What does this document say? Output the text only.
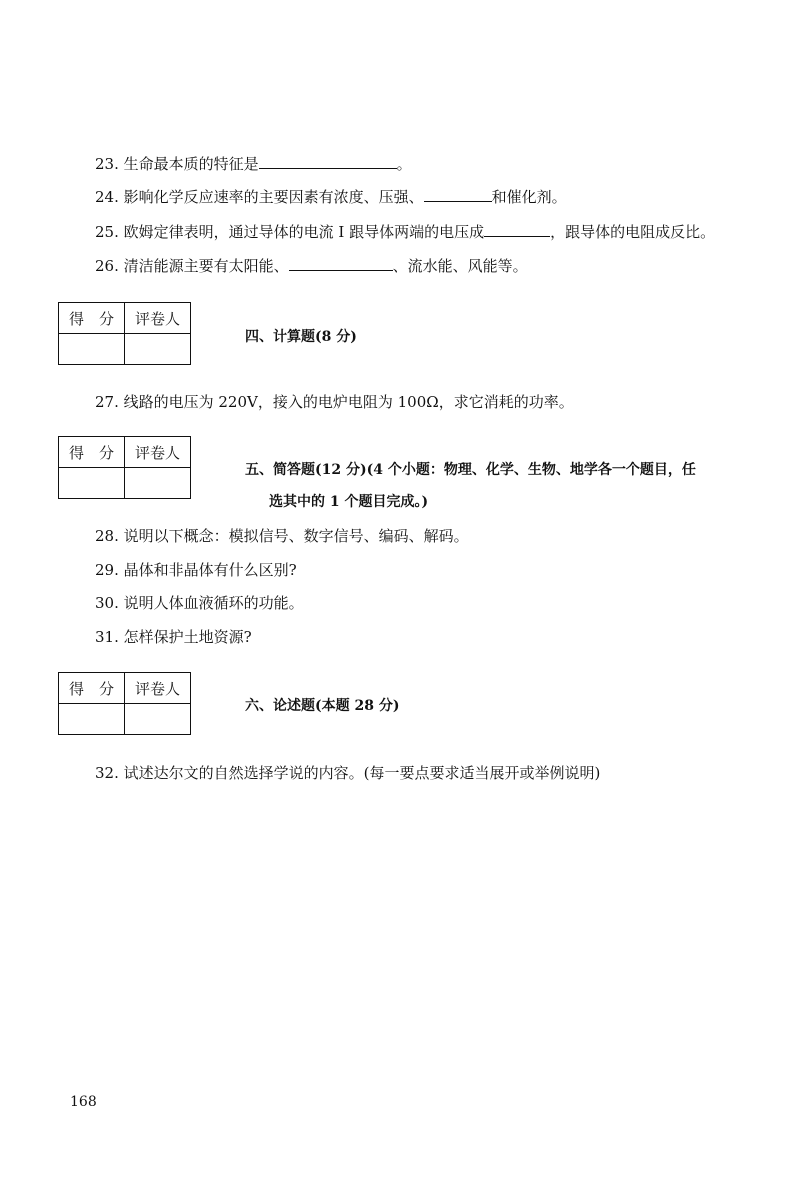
23. 生命最本质的特征是	。
24. 影响化学反应速率的主要因素有浓度、压强、	和催化剂。
25. 欧姆定律表明，通过导体的电流 I 跟导体两端的电压成	，跟导体的电阻成反比。
26. 清洁能源主要有太阳能、	、流水能、风能等。
得　分	评卷人

四、计算题(8 分)
27. 线路的电压为 220V，接入的电炉电阻为 100Ω，求它消耗的功率。
得　分	评卷人

五、简答题(12 分)(4 个小题：物理、化学、生物、地学各一个题目，任
选其中的 1 个题目完成。)
28. 说明以下概念：模拟信号、数字信号、编码、解码。
29. 晶体和非晶体有什么区别?
30. 说明人体血液循环的功能。
31. 怎样保护土地资源?
得　分	评卷人

六、论述题(本题 28 分)
32. 试述达尔文的自然选择学说的内容。(每一要点要求适当展开或举例说明)
168
